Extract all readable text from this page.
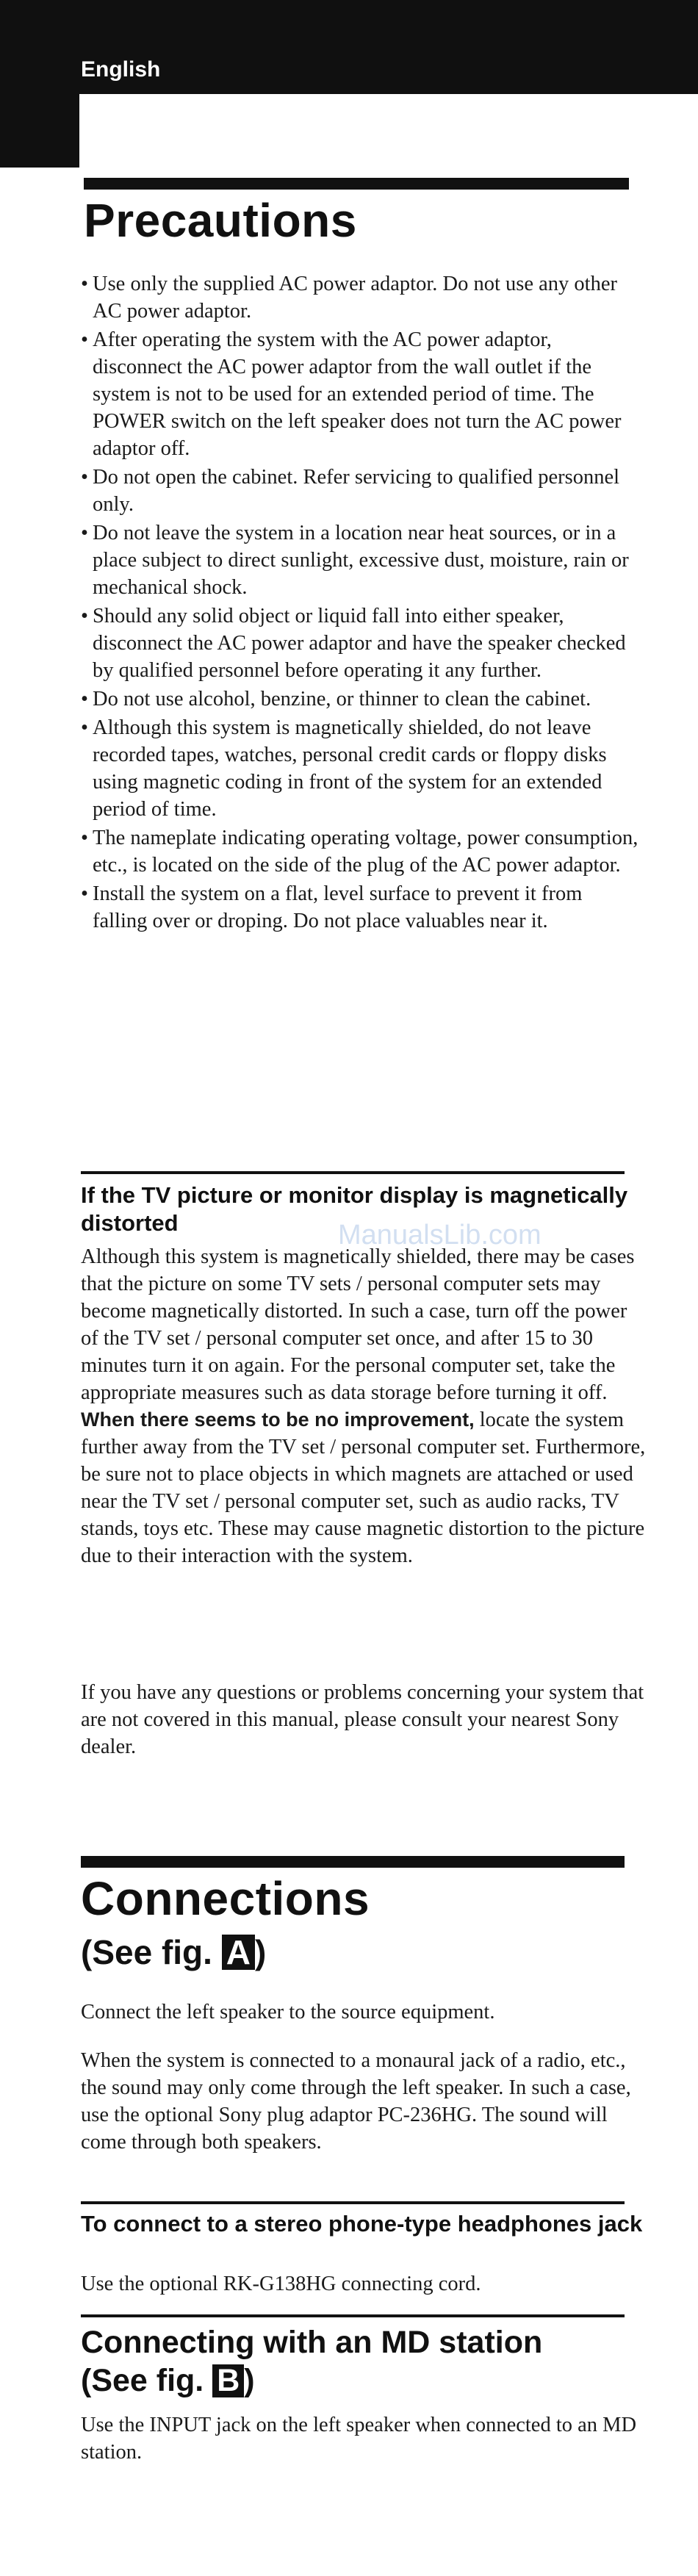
English
Precautions
• Use only the supplied AC power adaptor. Do not use any other AC power adaptor.
• After operating the system with the AC power adaptor, disconnect the AC power adaptor from the wall outlet if the system is not to be used for an extended period of time. The POWER switch on the left speaker does not turn the AC power adaptor off.
• Do not open the cabinet. Refer servicing to qualified personnel only.
• Do not leave the system in a location near heat sources, or in a place subject to direct sunlight, excessive dust, moisture, rain or mechanical shock.
• Should any solid object or liquid fall into either speaker, disconnect the AC power adaptor and have the speaker checked by qualified personnel before operating it any further.
• Do not use alcohol, benzine, or thinner to clean the cabinet.
• Although this system is magnetically shielded, do not leave recorded tapes, watches, personal credit cards or floppy disks using magnetic coding in front of the system for an extended period of time.
• The nameplate indicating operating voltage, power consumption, etc., is located on the side of the plug of the AC power adaptor.
• Install the system on a flat, level surface to prevent it from falling over or droping. Do not place valuables near it.
If the TV picture or monitor display is magnetically distorted	ManualsLib.com

Although this system is magnetically shielded, there may be cases that the picture on some TV sets / personal computer sets may become magnetically distorted. In such a case, turn off the power of the TV set / personal computer set once, and after 15 to 30 minutes turn it on again. For the personal computer set, take the appropriate measures such as data storage before turning it off. When there seems to be no improvement, locate the system further away from the TV set / personal computer set. Furthermore, be sure not to place objects in which magnets are attached or used near the TV set / personal computer set, such as audio racks, TV stands, toys etc. These may cause magnetic distortion to the picture due to their interaction with the system.

If you have any questions or problems concerning your system that are not covered in this manual, please consult your nearest Sony dealer.

Connections
(See fig. A )

Connect the left speaker to the source equipment.

When the system is connected to a monaural jack of a radio, etc., the sound may only come through the left speaker. In such a case, use the optional Sony plug adaptor PC-236HG. The sound will come through both speakers.

To connect to a stereo phone-type headphones jack

Use the optional RK-G138HG connecting cord.

Connecting with an MD station
(See fig. B )

Use the INPUT jack on the left speaker when connected to an MD station.
